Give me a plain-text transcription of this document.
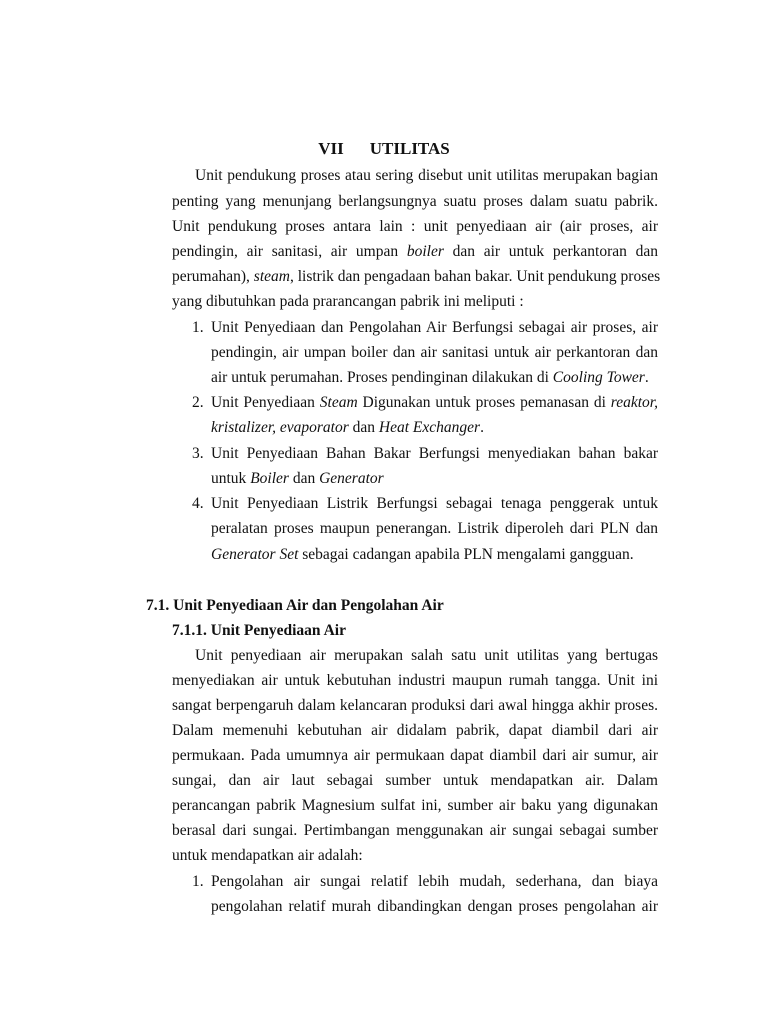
VII UTILITAS
Unit pendukung proses atau sering disebut unit utilitas merupakan bagian
penting yang menunjang berlangsungnya suatu proses dalam suatu pabrik.
Unit pendukung proses antara lain : unit penyediaan air (air proses, air
pendingin, air sanitasi, air umpan boiler dan air untuk perkantoran dan
perumahan), steam, listrik dan pengadaan bahan bakar. Unit pendukung proses
yang dibutuhkan pada prarancangan pabrik ini meliputi :
1. Unit Penyediaan dan Pengolahan Air Berfungsi sebagai air proses, air
pendingin, air umpan boiler dan air sanitasi untuk air perkantoran dan
air untuk perumahan. Proses pendinginan dilakukan di Cooling Tower.
2. Unit Penyediaan Steam Digunakan untuk proses pemanasan di reaktor,
kristalizer, evaporator dan Heat Exchanger.
3. Unit Penyediaan Bahan Bakar Berfungsi menyediakan bahan bakar
untuk Boiler dan Generator
4. Unit Penyediaan Listrik Berfungsi sebagai tenaga penggerak untuk
peralatan proses maupun penerangan. Listrik diperoleh dari PLN dan
Generator Set sebagai cadangan apabila PLN mengalami gangguan.
7.1. Unit Penyediaan Air dan Pengolahan Air
7.1.1. Unit Penyediaan Air
Unit penyediaan air merupakan salah satu unit utilitas yang bertugas
menyediakan air untuk kebutuhan industri maupun rumah tangga. Unit ini
sangat berpengaruh dalam kelancaran produksi dari awal hingga akhir proses.
Dalam memenuhi kebutuhan air didalam pabrik, dapat diambil dari air
permukaan. Pada umumnya air permukaan dapat diambil dari air sumur, air
sungai, dan air laut sebagai sumber untuk mendapatkan air. Dalam
perancangan pabrik Magnesium sulfat ini, sumber air baku yang digunakan
berasal dari sungai. Pertimbangan menggunakan air sungai sebagai sumber
untuk mendapatkan air adalah:
1. Pengolahan air sungai relatif lebih mudah, sederhana, dan biaya
pengolahan relatif murah dibandingkan dengan proses pengolahan air
